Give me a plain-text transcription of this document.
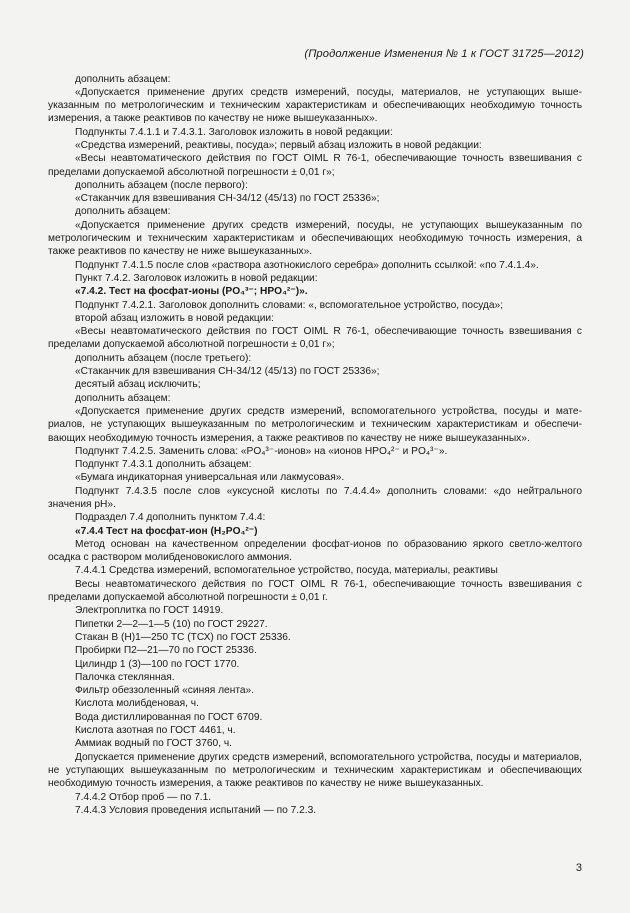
(Продолжение Изменения № 1 к ГОСТ 31725—2012)

дополнить абзацем:

«Допускается применение других средств измерений, посуды, материалов, не уступающих вышеуказанным по метрологическим и техническим характеристикам и обеспечивающих необходимую точность измерения, а также реактивов по качеству не ниже вышеуказанных».

Подпункты 7.4.1.1 и 7.4.3.1. Заголовок изложить в новой редакции:

«Средства измерений, реактивы, посуда»; первый абзац изложить в новой редакции:

«Весы неавтоматического действия по ГОСТ OIML R 76-1, обеспечивающие точность взвешивания с пределами допускаемой абсолютной погрешности ± 0,01 г»;

дополнить абзацем (после первого):

«Стаканчик для взвешивания СН-34/12 (45/13) по ГОСТ 25336»;

дополнить абзацем:

«Допускается применение других средств измерений, посуды, не уступающих вышеуказанным по метрологическим и техническим характеристикам и обеспечивающих необходимую точность измерения, а также реактивов по качеству не ниже вышеуказанных».

Подпункт 7.4.1.5 после слов «раствора азотнокислого серебра» дополнить ссылкой: «по 7.4.1.4».

Пункт 7.4.2. Заголовок изложить в новой редакции:

«7.4.2. Тест на фосфат-ионы (PO₄³⁻; HPO₄²⁻)».

Подпункт 7.4.2.1. Заголовок дополнить словами: «, вспомогательное устройство, посуда»;

второй абзац изложить в новой редакции:

«Весы неавтоматического действия по ГОСТ OIML R 76-1, обеспечивающие точность взвешивания с пределами допускаемой абсолютной погрешности ± 0,01 г»;

дополнить абзацем (после третьего):

«Стаканчик для взвешивания СН-34/12 (45/13) по ГОСТ 25336»;

десятый абзац исключить;

дополнить абзацем:

«Допускается применение других средств измерений, вспомогательного устройства, посуды и материалов, не уступающих вышеуказанным по метрологическим и техническим характеристикам и обеспечивающих необходимую точность измерения, а также реактивов по качеству не ниже вышеуказанных».

Подпункт 7.4.2.5. Заменить слова: «PO₄³⁻-ионов» на «ионов HPO₄²⁻ и PO₄³⁻».

Подпункт 7.4.3.1 дополнить абзацем:

«Бумага индикаторная универсальная или лакмусовая».

Подпункт 7.4.3.5 после слов «уксусной кислоты по 7.4.4.4» дополнить словами: «до нейтрального значения pH».

Подраздел 7.4 дополнить пунктом 7.4.4:

«7.4.4 Тест на фосфат-ион (H₂PO₄²⁻)

Метод основан на качественном определении фосфат-ионов по образованию яркого светло-желтого осадка с раствором молибденовокислого аммония.

7.4.4.1 Средства измерений, вспомогательное устройство, посуда, материалы, реактивы

Весы неавтоматического действия по ГОСТ OIML R 76-1, обеспечивающие точность взвешивания с пределами допускаемой абсолютной погрешности ± 0,01 г.

Электроплитка по ГОСТ 14919.

Пипетки 2—2—1—5 (10) по ГОСТ 29227.

Стакан В (Н)1—250 ТС (ТСХ) по ГОСТ 25336.

Пробирки П2—21—70 по ГОСТ 25336.

Цилиндр 1 (3)—100 по ГОСТ 1770.

Палочка стеклянная.

Фильтр обеззоленный «синяя лента».

Кислота молибденовая, ч.

Вода дистиллированная по ГОСТ 6709.

Кислота азотная по ГОСТ 4461, ч.

Аммиак водный по ГОСТ 3760, ч.

Допускается применение других средств измерений, вспомогательного устройства, посуды и материалов, не уступающих вышеуказанным по метрологическим и техническим характеристикам и обеспечивающих необходимую точность измерения, а также реактивов по качеству не ниже вышеуказанных.

7.4.4.2 Отбор проб — по 7.1.

7.4.4.3 Условия проведения испытаний — по 7.2.3.

3
